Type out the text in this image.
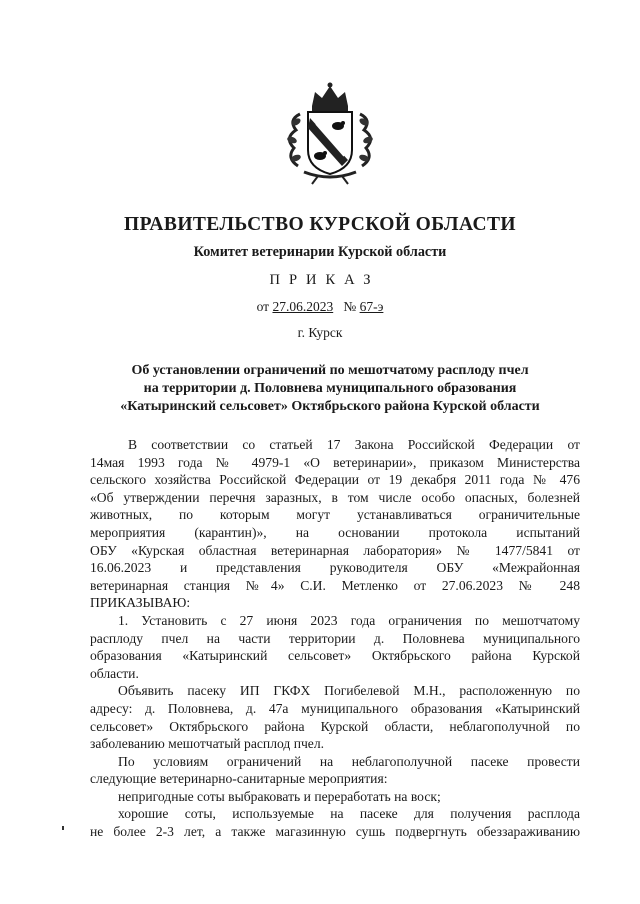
ПРАВИТЕЛЬСТВО КУРСКОЙ ОБЛАСТИ
Комитет ветеринарии Курской области
ПРИКАЗ
от 27.06.2023 № 67-э
г. Курск
Об установлении ограничений по мешотчатому расплоду пчел
на территории д. Половнева муниципального образования
«Катыринский сельсовет» Октябрьского района Курской области
В соответствии со статьей 17 Закона Российской Федерации от
14мая 1993 года № 4979-1 «О ветеринарии», приказом Министерства
сельского хозяйства Российской Федерации от 19 декабря 2011 года № 476
«Об утверждении перечня заразных, в том числе особо опасных, болезней
животных, по которым могут устанавливаться ограничительные
мероприятия (карантин)», на основании протокола испытаний
ОБУ «Курская областная ветеринарная лаборатория» № 1477/5841 от
16.06.2023 и представления руководителя ОБУ «Межрайонная
ветеринарная станция №4» С.И. Метленко от 27.06.2023 № 248
ПРИКАЗЫВАЮ:
1. Установить с 27 июня 2023 года ограничения по мешотчатому
расплоду пчел на части территории д. Половнева муниципального
образования «Катыринский сельсовет» Октябрьского района Курской
области.
Объявить пасеку ИП ГКФХ Погибелевой М.Н., расположенную по
адресу: д. Половнева, д. 47а муниципального образования «Катыринский
сельсовет» Октябрьского района Курской области, неблагополучной по
заболеванию мешотчатый расплод пчел.
По условиям ограничений на неблагополучной пасеке провести
следующие ветеринарно-санитарные мероприятия:
непригодные соты выбраковать и переработать на воск;
хорошие соты, используемые на пасеке для получения расплода
не более 2-3 лет, а также магазинную сушь подвергнуть обеззараживанию
